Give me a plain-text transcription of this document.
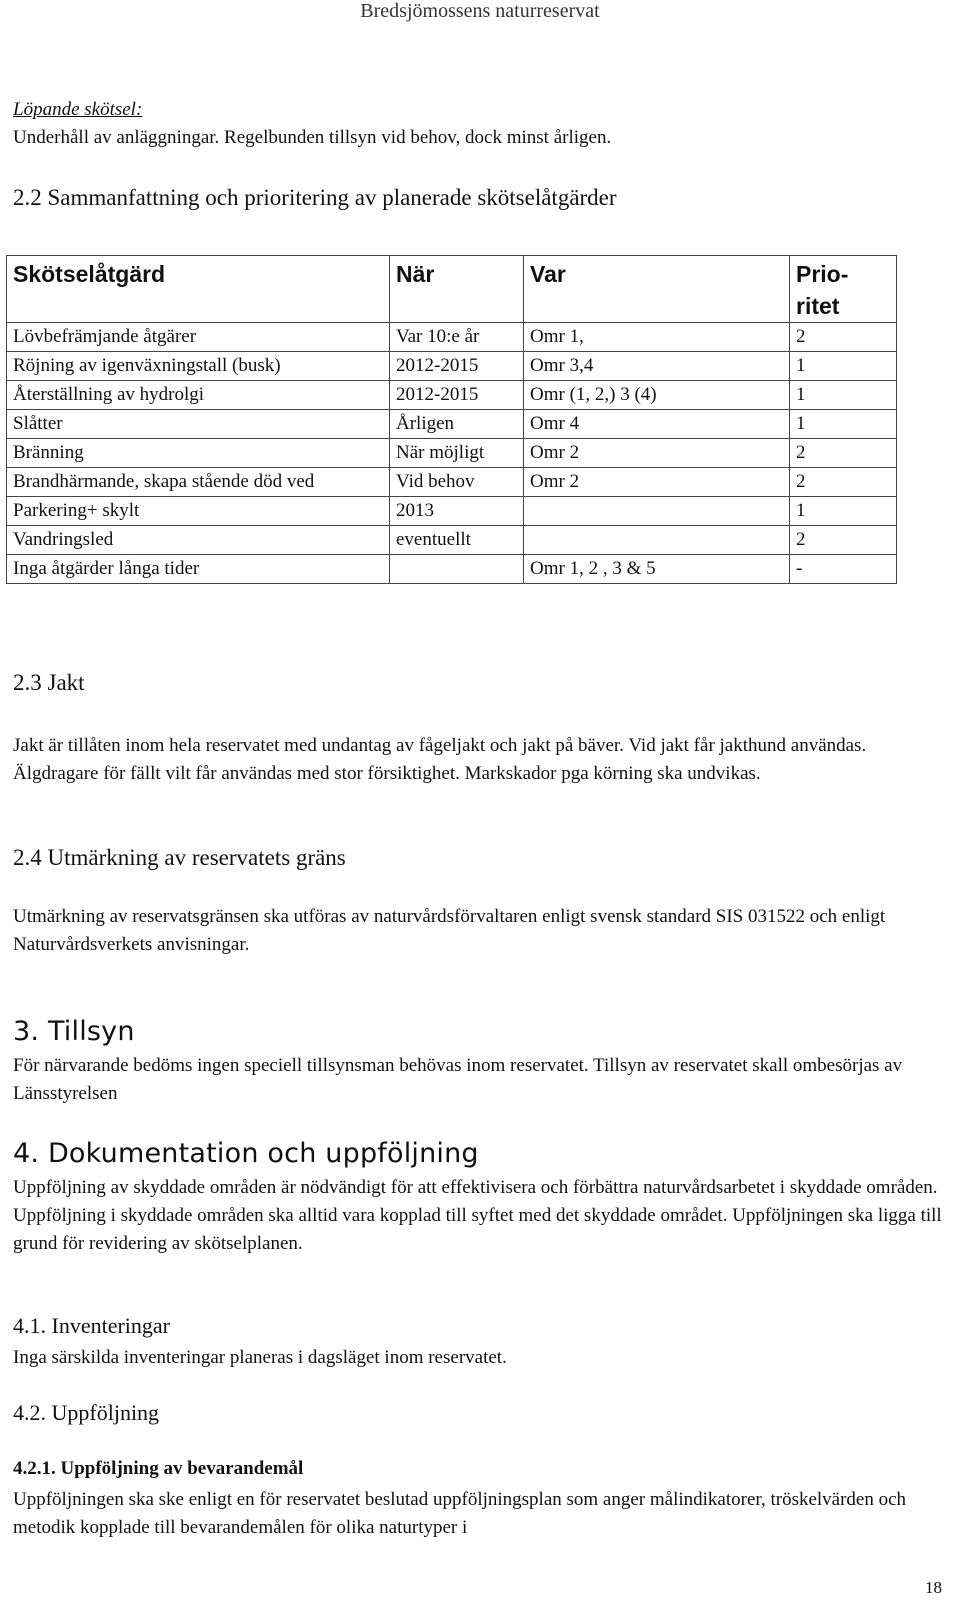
Bredsjömossens naturreservat
Löpande skötsel:
Underhåll av anläggningar. Regelbunden tillsyn vid behov, dock minst årligen.
2.2 Sammanfattning och prioritering av planerade skötselåtgärder
Skötselåtgärd	När	Var	Prio-ritet
Lövbefrämjande åtgärer	Var 10:e år	Omr 1,	2
Röjning av igenväxningstall (busk)	2012-2015	Omr 3,4	1
Återställning av hydrolgi	2012-2015	Omr (1, 2,) 3 (4)	1
Slåtter	Årligen	Omr 4	1
Bränning	När möjligt	Omr 2	2
Brandhärmande, skapa stående död ved	Vid behov	Omr 2	2
Parkering+ skylt	2013		1
Vandringsled	eventuellt		2
Inga åtgärder långa tider		Omr 1, 2 , 3 & 5	-
2.3 Jakt
Jakt är tillåten inom hela reservatet med undantag av fågeljakt och jakt på bäver. Vid jakt får jakthund användas. Älgdragare för fällt vilt får användas med stor försiktighet. Markskador pga körning ska undvikas.
2.4 Utmärkning av reservatets gräns
Utmärkning av reservatsgränsen ska utföras av naturvårdsförvaltaren enligt svensk standard SIS 031522 och enligt Naturvårdsverkets anvisningar.
3. Tillsyn
För närvarande bedöms ingen speciell tillsynsman behövas inom reservatet. Tillsyn av reservatet skall ombesörjas av Länsstyrelsen
4. Dokumentation och uppföljning
Uppföljning av skyddade områden är nödvändigt för att effektivisera och förbättra naturvårdsarbetet i skyddade områden. Uppföljning i skyddade områden ska alltid vara kopplad till syftet med det skyddade området. Uppföljningen ska ligga till grund för revidering av skötselplanen.
4.1. Inventeringar
Inga särskilda inventeringar planeras i dagsläget inom reservatet.
4.2. Uppföljning
4.2.1. Uppföljning av bevarandemål
Uppföljningen ska ske enligt en för reservatet beslutad uppföljningsplan som anger målindikatorer, tröskelvärden och metodik kopplade till bevarandemålen för olika naturtyper i
18
